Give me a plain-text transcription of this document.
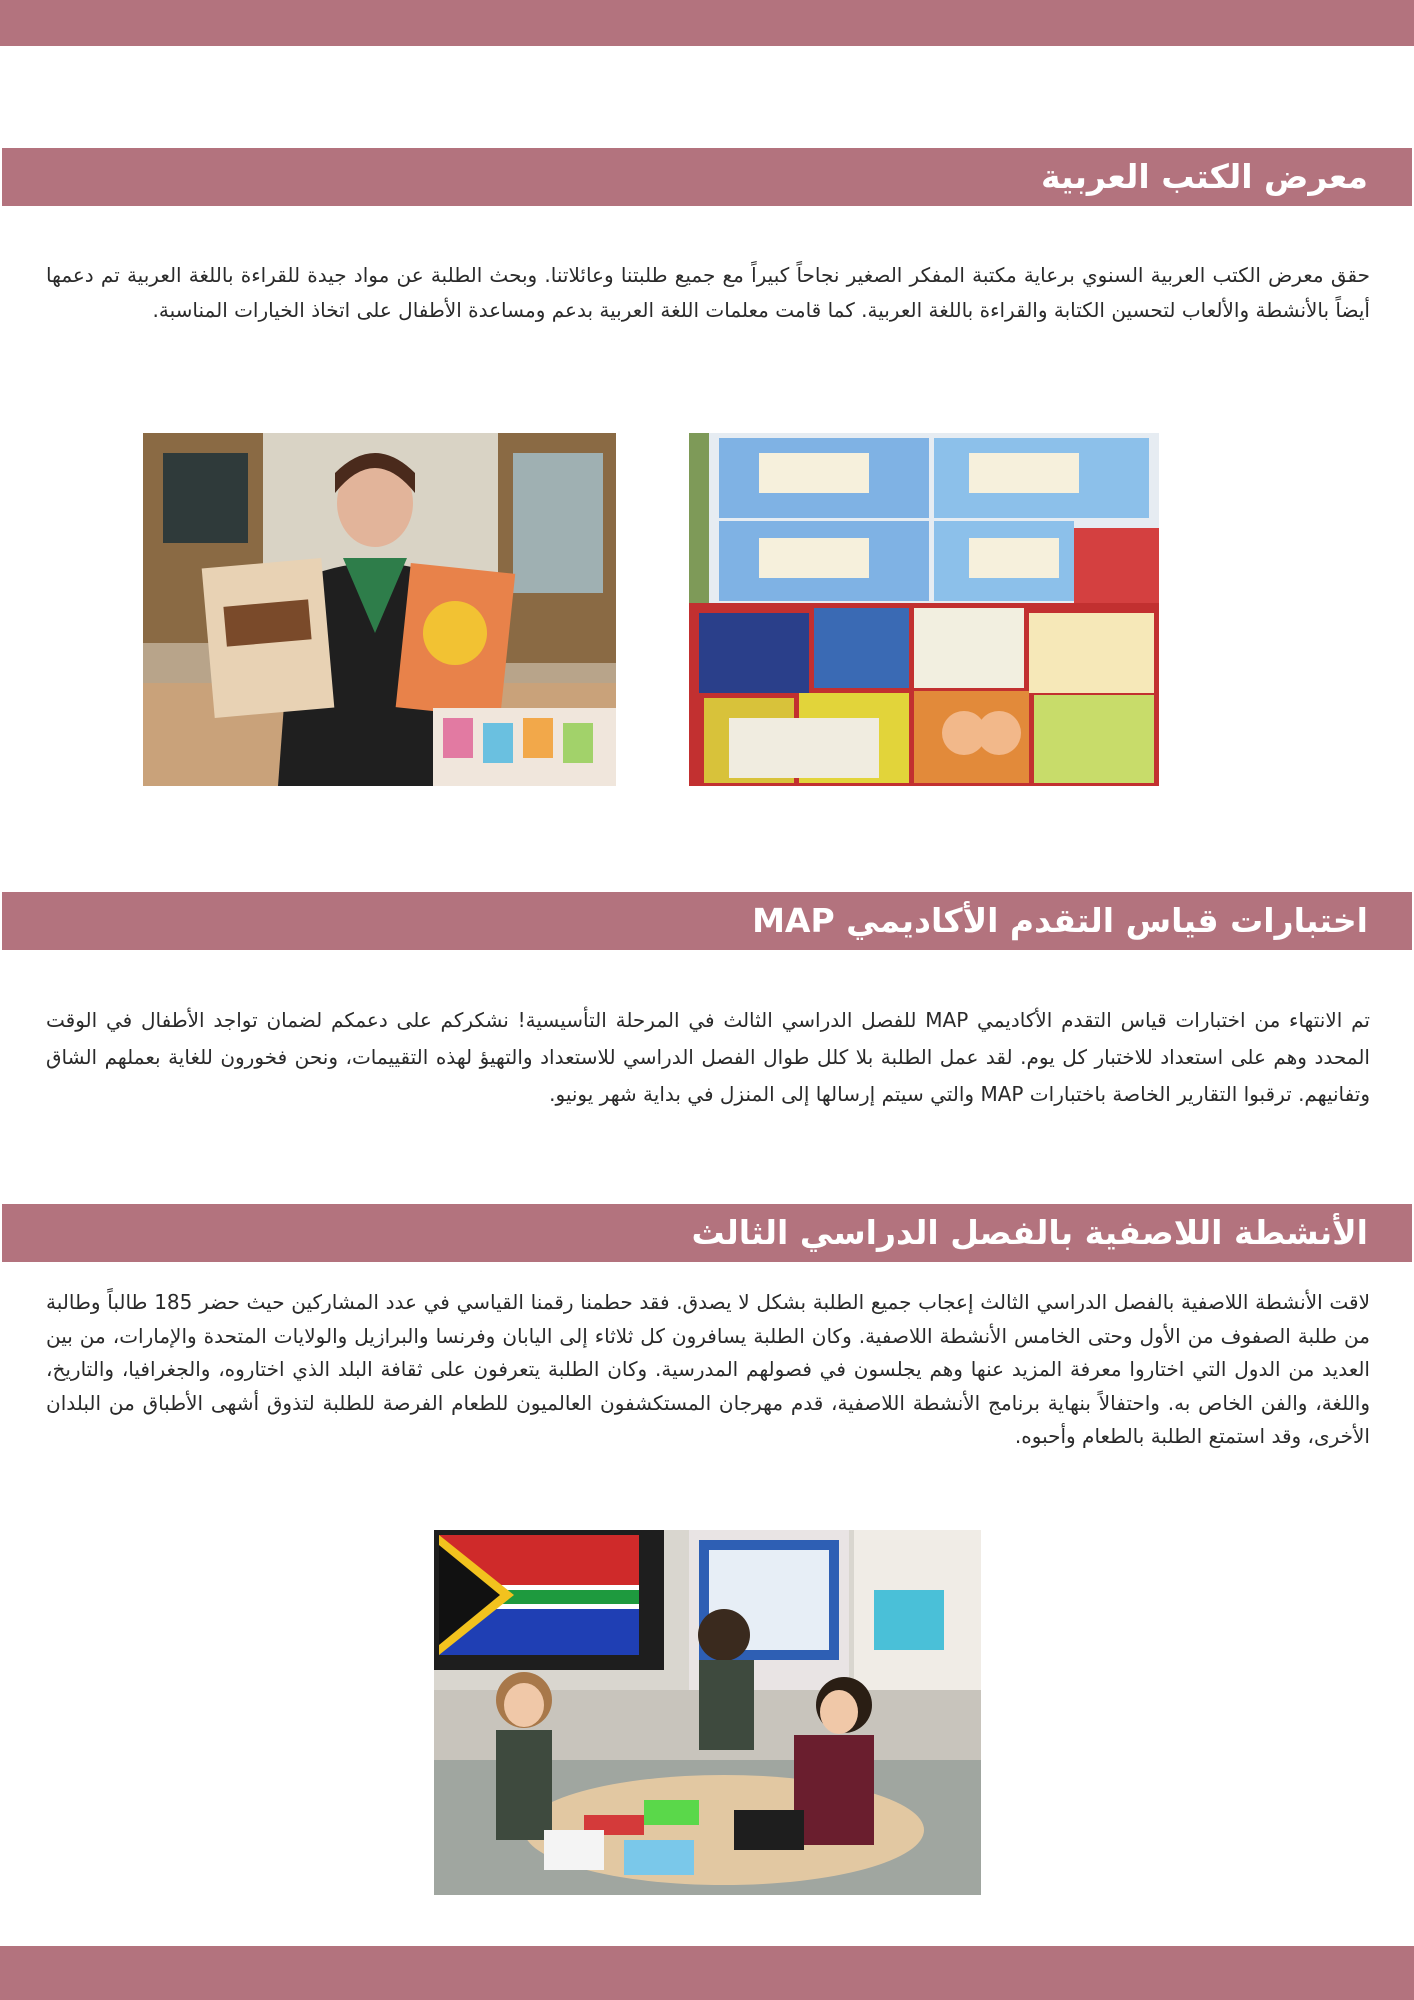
معرض الكتب العربية

حقق معرض الكتب العربية السنوي برعاية مكتبة المفكر الصغير نجاحاً كبيراً مع جميع طلبتنا وعائلاتنا. وبحث الطلبة عن مواد جيدة للقراءة باللغة العربية تم دعمها أيضاً بالأنشطة والألعاب لتحسين الكتابة والقراءة باللغة العربية. كما قامت معلمات اللغة العربية بدعم ومساعدة الأطفال على اتخاذ الخيارات المناسبة.

اختبارات قياس التقدم الأكاديمي MAP

تم الانتهاء من اختبارات قياس التقدم الأكاديمي MAP للفصل الدراسي الثالث في المرحلة التأسيسية! نشكركم على دعمكم لضمان تواجد الأطفال في الوقت المحدد وهم على استعداد للاختبار كل يوم. لقد عمل الطلبة بلا كلل طوال الفصل الدراسي للاستعداد والتهيؤ لهذه التقييمات، ونحن فخورون للغاية بعملهم الشاق وتفانيهم. ترقبوا التقارير الخاصة باختبارات MAP والتي سيتم إرسالها إلى المنزل في بداية شهر يونيو.

الأنشطة اللاصفية بالفصل الدراسي الثالث

لاقت الأنشطة اللاصفية بالفصل الدراسي الثالث إعجاب جميع الطلبة بشكل لا يصدق. فقد حطمنا رقمنا القياسي في عدد المشاركين حيث حضر 185 طالباً وطالبة من طلبة الصفوف من الأول وحتى الخامس الأنشطة اللاصفية. وكان الطلبة يسافرون كل ثلاثاء إلى اليابان وفرنسا والبرازيل والولايات المتحدة والإمارات، من بين العديد من الدول التي اختاروا معرفة المزيد عنها وهم يجلسون في فصولهم المدرسية. وكان الطلبة يتعرفون على ثقافة البلد الذي اختاروه، والجغرافيا، والتاريخ، واللغة، والفن الخاص به. واحتفالاً بنهاية برنامج الأنشطة اللاصفية، قدم مهرجان المستكشفون العالميون للطعام الفرصة للطلبة لتذوق أشهى الأطباق من البلدان الأخرى، وقد استمتع الطلبة بالطعام وأحبوه.
